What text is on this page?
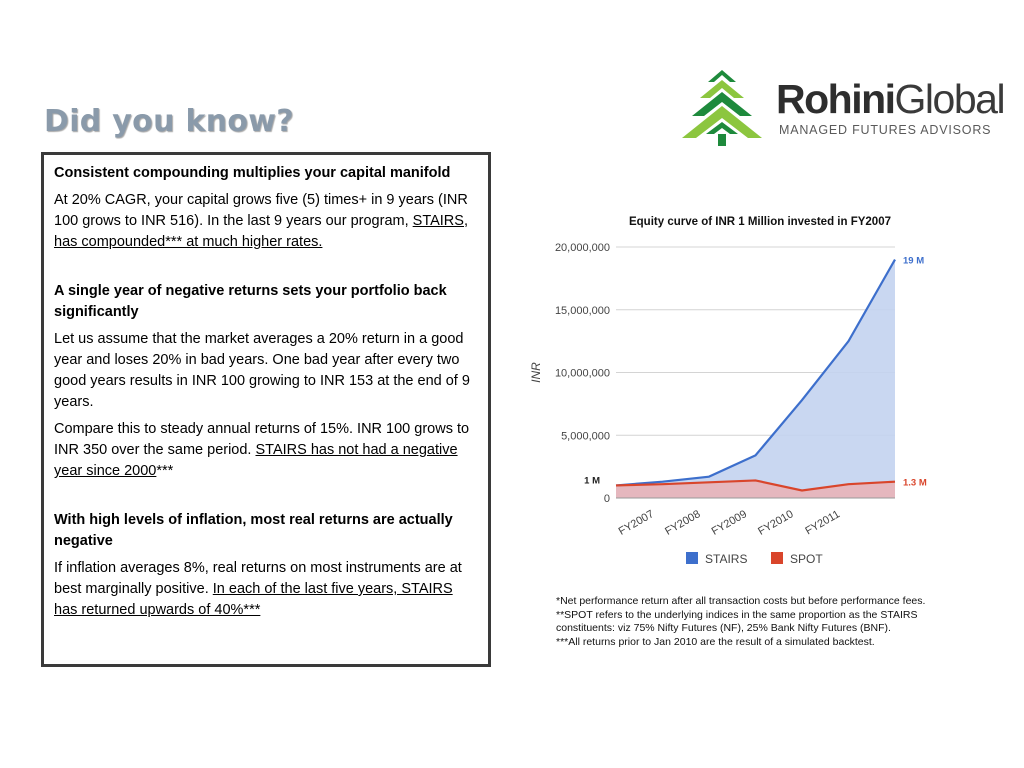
Did you know?	RohiniGlobal
MANAGED FUTURES ADVISORS
Consistent compounding multiplies your capital manifold

At 20% CAGR, your capital grows five (5) times+ in 9 years (INR 100 grows to INR 516). In the last 9 years our program, STAIRS, has compounded*** at much higher rates.

A single year of negative returns sets your portfolio back significantly

Let us assume that the market averages a 20% return in a good year and loses 20% in bad years. One bad year after every two good years results in INR 100 growing to INR 153 at the end of 9 years.

Compare this to steady annual returns of 15%. INR 100 grows to INR 350 over the same period. STAIRS has not had a negative year since 2000***

With high levels of inflation, most real returns are actually negative

If inflation averages 8%, real returns on most instruments are at best marginally positive. In each of the last five years, STAIRS has returned upwards of 40%***

Equity curve of INR 1 Million invested in FY2007
0
5,000,000
10,000,000
15,000,000
20,000,000
INR
FY2007 FY2008 FY2009 FY2010 FY2011
1 M
19 M
1.3 M
STAIRS	SPOT
*Net performance return after all transaction costs but before performance fees.
**SPOT refers to the underlying indices in the same proportion as the STAIRS
constituents: viz 75% Nifty Futures (NF), 25% Bank Nifty Futures (BNF).
***All returns prior to Jan 2010 are the result of a simulated backtest.
